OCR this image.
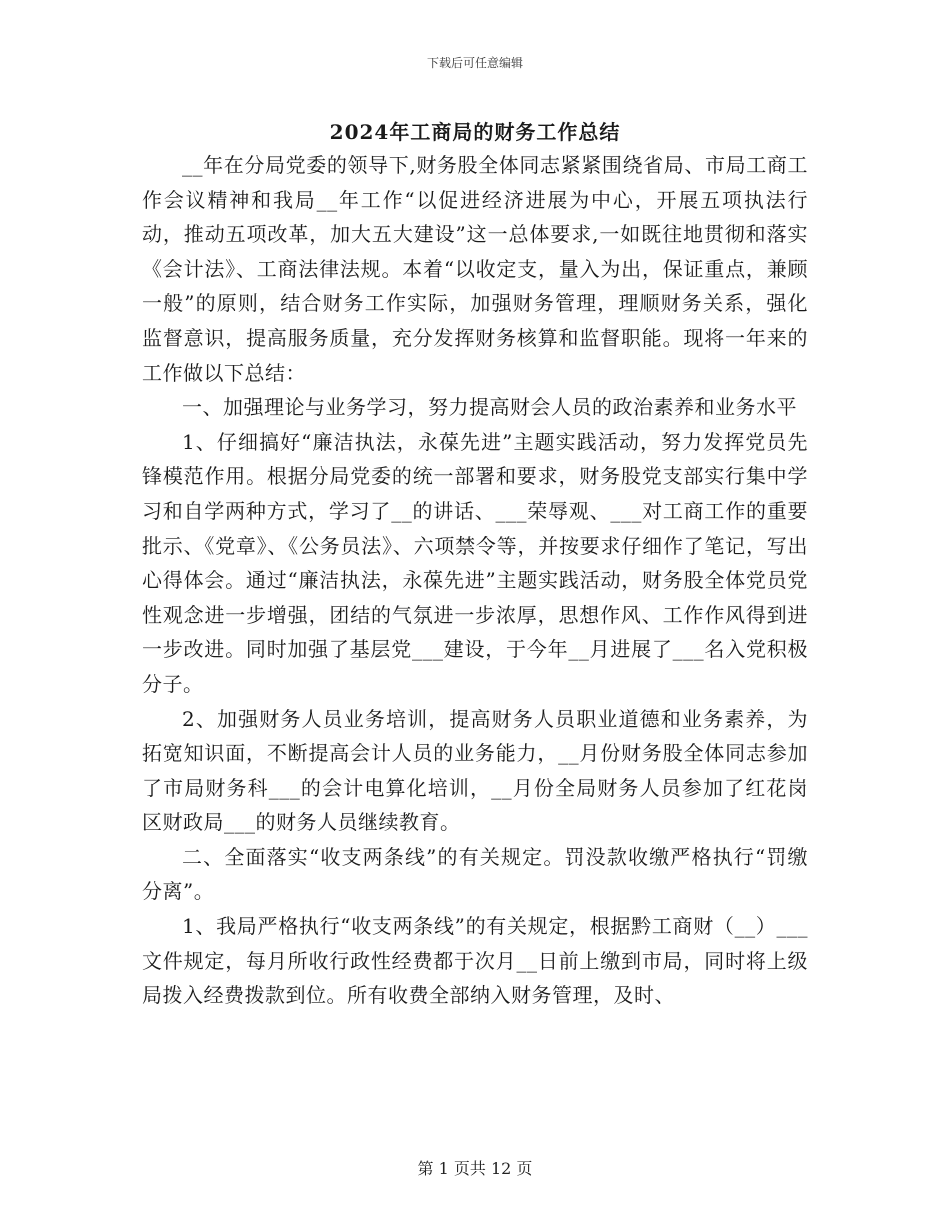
下载后可任意编辑
2024年工商局的财务工作总结

__年在分局党委的领导下,财务股全体同志紧紧围绕省局、市局工商工作会议精神和我局__年工作“以促进经济进展为中心，开展五项执法行动，推动五项改革，加大五大建设”这一总体要求,一如既往地贯彻和落实《会计法》、工商法律法规。本着“以收定支，量入为出，保证重点，兼顾一般”的原则，结合财务工作实际，加强财务管理，理顺财务关系，强化监督意识，提高服务质量，充分发挥财务核算和监督职能。现将一年来的工作做以下总结：

一、加强理论与业务学习，努力提高财会人员的政治素养和业务水平

1、仔细搞好“廉洁执法，永葆先进”主题实践活动，努力发挥党员先锋模范作用。根据分局党委的统一部署和要求，财务股党支部实行集中学习和自学两种方式，学习了__的讲话、___荣辱观、___对工商工作的重要批示、《党章》、《公务员法》、六项禁令等，并按要求仔细作了笔记，写出心得体会。通过“廉洁执法，永葆先进”主题实践活动，财务股全体党员党性观念进一步增强，团结的气氛进一步浓厚，思想作风、工作作风得到进一步改进。同时加强了基层党___建设，于今年__月进展了___名入党积极分子。

2、加强财务人员业务培训，提高财务人员职业道德和业务素养，为拓宽知识面，不断提高会计人员的业务能力，__月份财务股全体同志参加了市局财务科___的会计电算化培训，__月份全局财务人员参加了红花岗区财政局___的财务人员继续教育。

二、全面落实“收支两条线”的有关规定。罚没款收缴严格执行“罚缴分离”。

1、我局严格执行“收支两条线”的有关规定，根据黔工商财（__）___文件规定，每月所收行政性经费都于次月__日前上缴到市局，同时将上级局拨入经费拨款到位。所有收费全部纳入财务管理，及时、

第 1 页共 12 页
